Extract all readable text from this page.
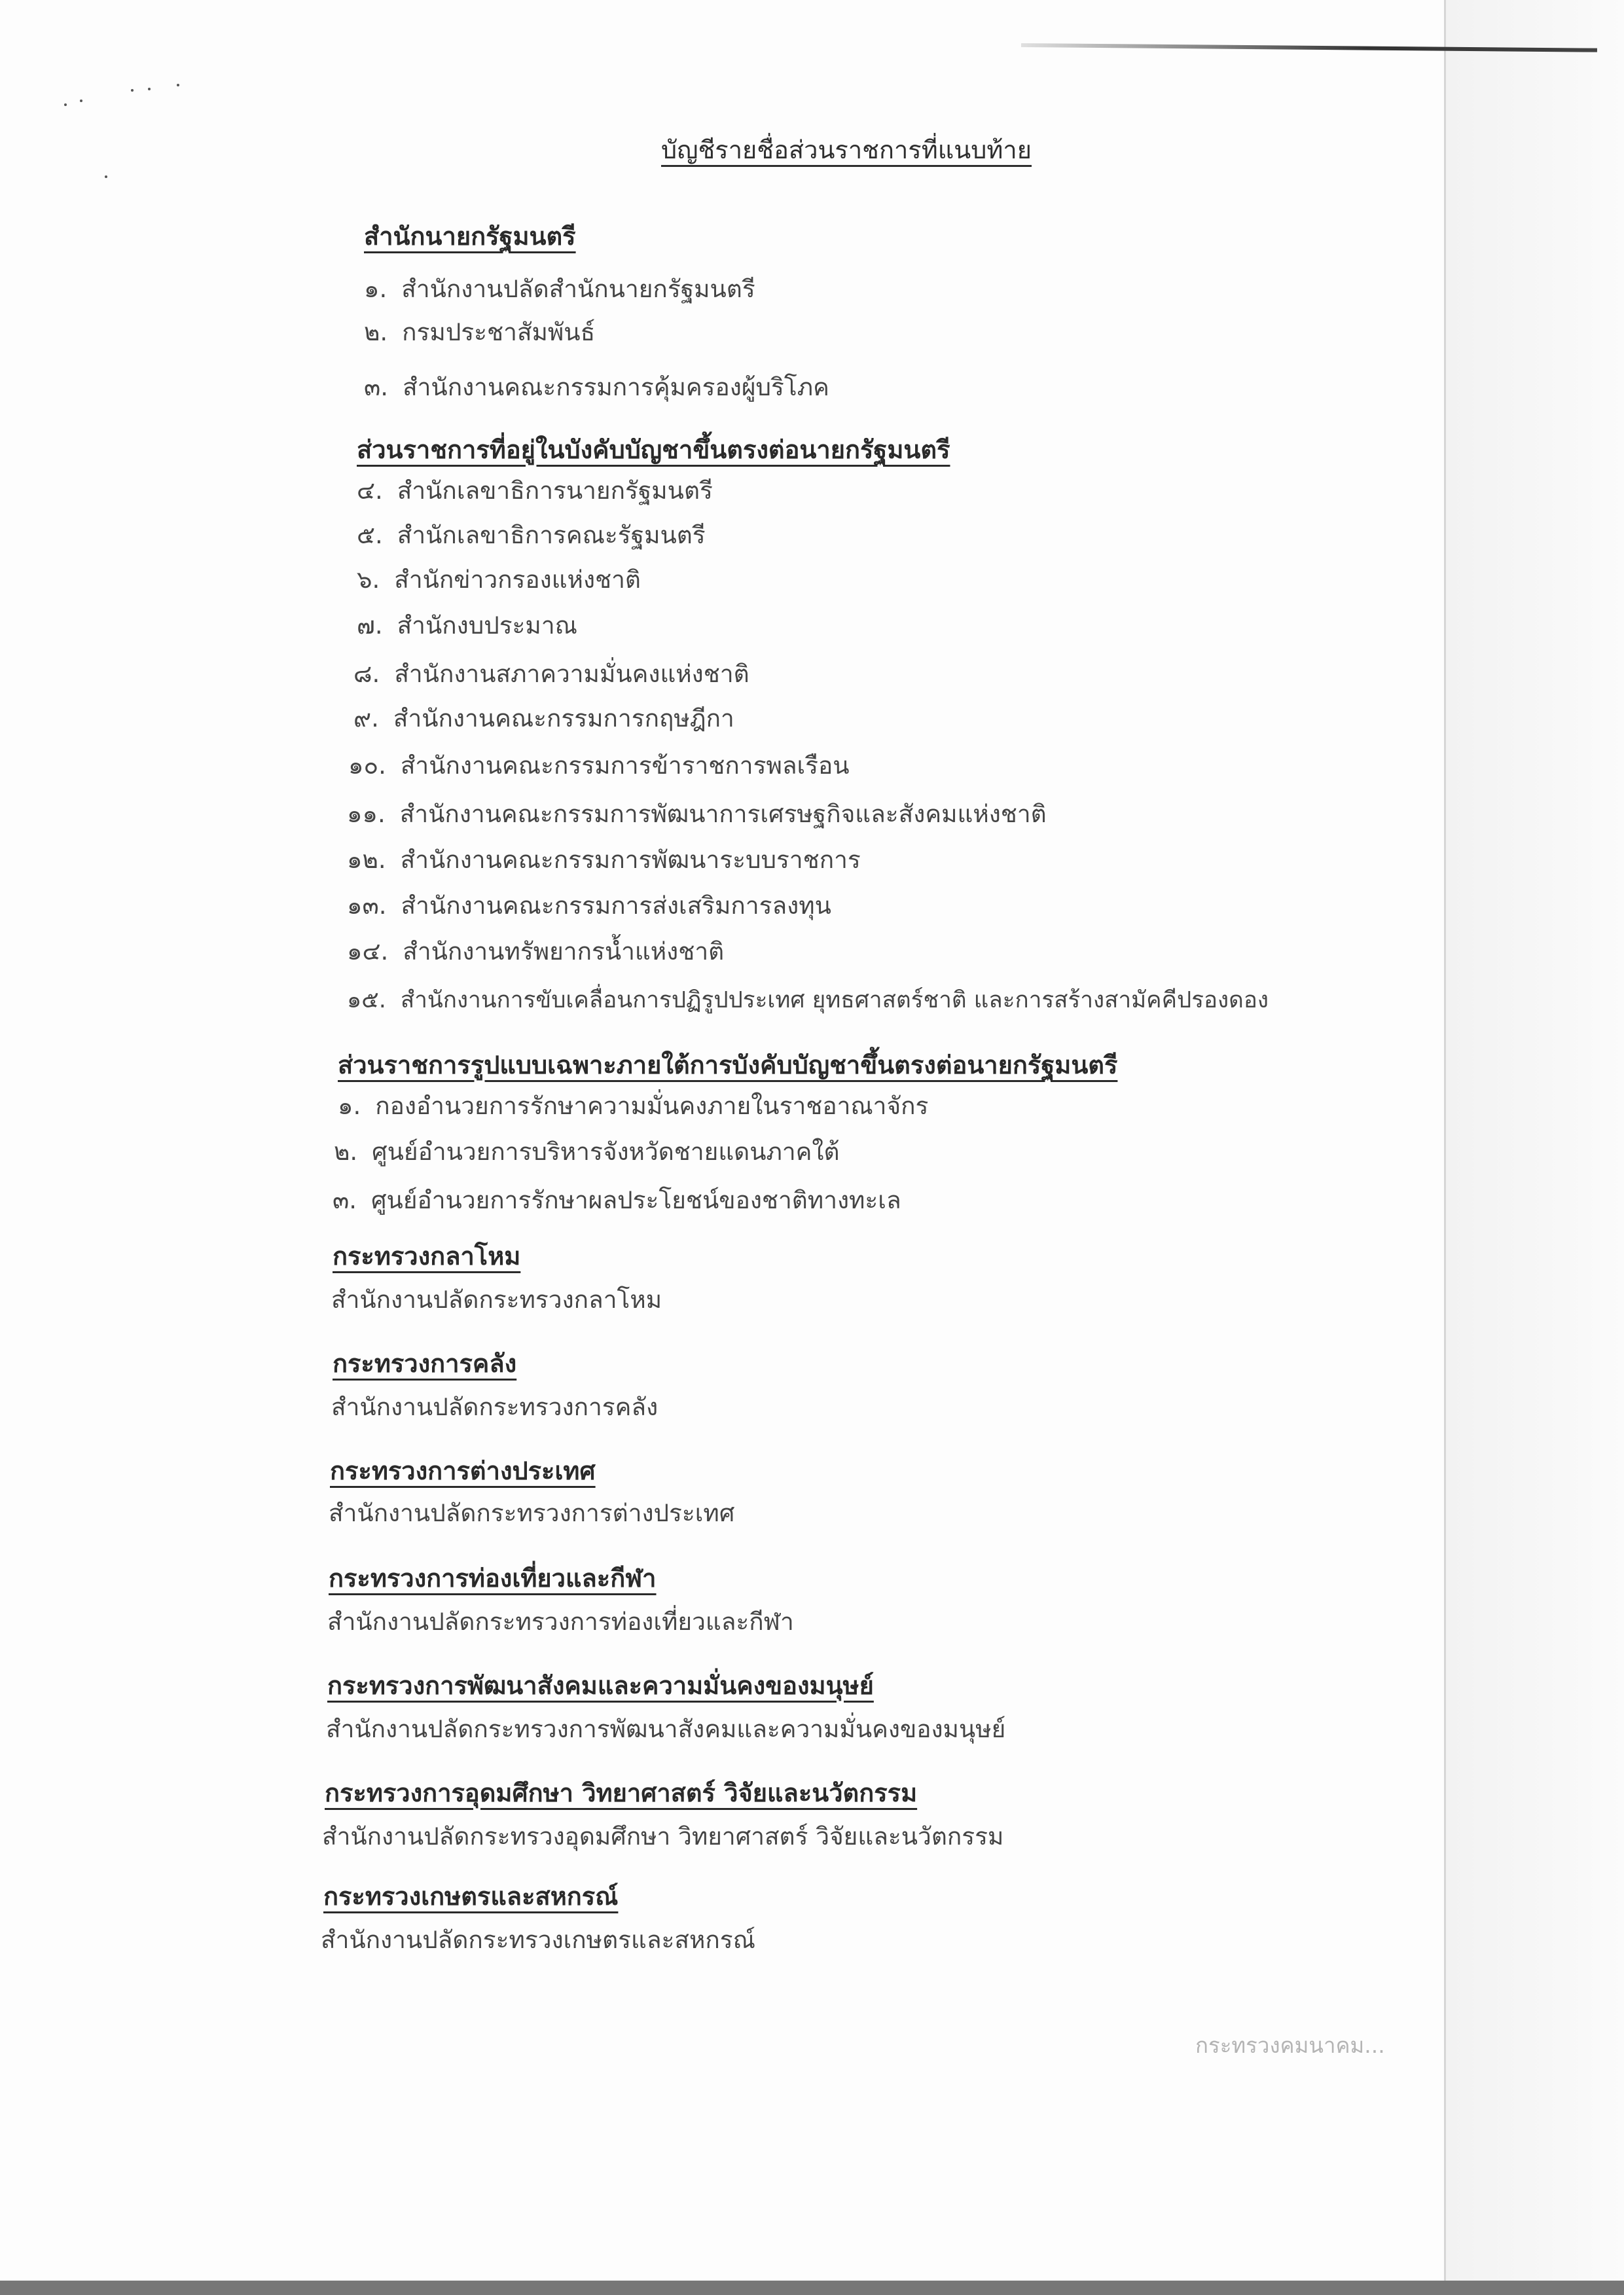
บัญชีรายชื่อส่วนราชการที่แนบท้าย
สำนักนายกรัฐมนตรี
๑. สำนักงานปลัดสำนักนายกรัฐมนตรี
๒. กรมประชาสัมพันธ์
๓. สำนักงานคณะกรรมการคุ้มครองผู้บริโภค
ส่วนราชการที่อยู่ในบังคับบัญชาขึ้นตรงต่อนายกรัฐมนตรี
๔. สำนักเลขาธิการนายกรัฐมนตรี
๕. สำนักเลขาธิการคณะรัฐมนตรี
๖. สำนักข่าวกรองแห่งชาติ
๗. สำนักงบประมาณ
๘. สำนักงานสภาความมั่นคงแห่งชาติ
๙. สำนักงานคณะกรรมการกฤษฎีกา
๑๐. สำนักงานคณะกรรมการข้าราชการพลเรือน
๑๑. สำนักงานคณะกรรมการพัฒนาการเศรษฐกิจและสังคมแห่งชาติ
๑๒. สำนักงานคณะกรรมการพัฒนาระบบราชการ
๑๓. สำนักงานคณะกรรมการส่งเสริมการลงทุน
๑๔. สำนักงานทรัพยากรน้ำแห่งชาติ
๑๕. สำนักงานการขับเคลื่อนการปฏิรูปประเทศ ยุทธศาสตร์ชาติ และการสร้างสามัคคีปรองดอง
ส่วนราชการรูปแบบเฉพาะภายใต้การบังคับบัญชาขึ้นตรงต่อนายกรัฐมนตรี
๑. กองอำนวยการรักษาความมั่นคงภายในราชอาณาจักร
๒. ศูนย์อำนวยการบริหารจังหวัดชายแดนภาคใต้
๓. ศูนย์อำนวยการรักษาผลประโยชน์ของชาติทางทะเล
กระทรวงกลาโหม
สำนักงานปลัดกระทรวงกลาโหม
กระทรวงการคลัง
สำนักงานปลัดกระทรวงการคลัง
กระทรวงการต่างประเทศ
สำนักงานปลัดกระทรวงการต่างประเทศ
กระทรวงการท่องเที่ยวและกีฬา
สำนักงานปลัดกระทรวงการท่องเที่ยวและกีฬา
กระทรวงการพัฒนาสังคมและความมั่นคงของมนุษย์
สำนักงานปลัดกระทรวงการพัฒนาสังคมและความมั่นคงของมนุษย์
กระทรวงการอุดมศึกษา วิทยาศาสตร์ วิจัยและนวัตกรรม
สำนักงานปลัดกระทรวงอุดมศึกษา วิทยาศาสตร์ วิจัยและนวัตกรรม
กระทรวงเกษตรและสหกรณ์
สำนักงานปลัดกระทรวงเกษตรและสหกรณ์
กระทรวงคมนาคม...
